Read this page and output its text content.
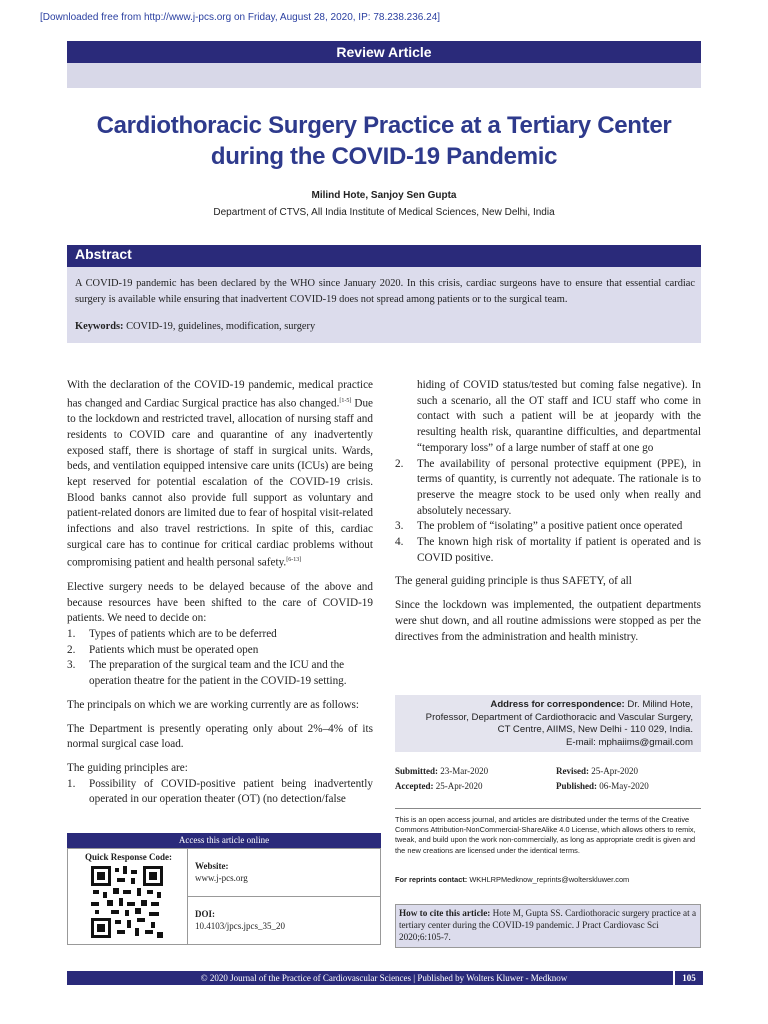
[Downloaded free from http://www.j-pcs.org on Friday, August 28, 2020, IP: 78.238.236.24]
Review Article
Cardiothoracic Surgery Practice at a Tertiary Center during the COVID-19 Pandemic
Milind Hote, Sanjoy Sen Gupta
Department of CTVS, All India Institute of Medical Sciences, New Delhi, India
Abstract
A COVID-19 pandemic has been declared by the WHO since January 2020. In this crisis, cardiac surgeons have to ensure that essential cardiac surgery is available while ensuring that inadvertent COVID-19 does not spread among patients or to the surgical team.
Keywords: COVID-19, guidelines, modification, surgery

With the declaration of the COVID-19 pandemic, medical practice has changed and Cardiac Surgical practice has also changed.[1-5] Due to the lockdown and restricted travel, allocation of nursing staff and residents to COVID care and quarantine of any inadvertently exposed staff, there is shortage of staff in surgical units. Wards, beds, and ventilation equipped intensive care units (ICUs) are being kept reserved for potential escalation of the COVID-19 crisis. Blood banks cannot also provide full support as voluntary and patient-related donors are limited due to fear of hospital visit-related infections and also travel restrictions. In spite of this, cardiac surgical care has to continue for critical cardiac problems without compromising patient and health personal safety.[6-13]

Elective surgery needs to be delayed because of the above and because resources have been shifted to the care of COVID-19 patients. We need to decide on:

1. Types of patients which are to be deferred
2. Patients which must be operated open
3. The preparation of the surgical team and the ICU and the operation theatre for the patient in the COVID-19 setting.

The principals on which we are working currently are as follows:

The Department is presently operating only about 2%–4% of its normal surgical case load.

The guiding principles are:

1. Possibility of COVID-positive patient being inadvertently operated in our operation theater (OT) (no detection/false
hiding of COVID status/tested but coming false negative). In such a scenario, all the OT staff and ICU staff who come in contact with such a patient will be at jeopardy with the resulting health risk, quarantine difficulties, and departmental “temporary loss” of a large number of staff at one go
2. The availability of personal protective equipment (PPE), in terms of quantity, is currently not adequate. The rationale is to preserve the meagre stock to be used only when really and absolutely necessary.
3. The problem of “isolating” a positive patient once operated
4. The known high risk of mortality if patient is operated and is COVID positive.

The general guiding principle is thus SAFETY, of all

Since the lockdown was implemented, the outpatient departments were shut down, and all routine admissions were stopped as per the directives from the administration and health ministry.

Address for correspondence: Dr. Milind Hote,
Professor, Department of Cardiothoracic and Vascular Surgery,
CT Centre, AIIMS, New Delhi - 110 029, India.
E-mail: mphaiims@gmail.com
Submitted: 23-Mar-2020	Revised: 25-Apr-2020
Accepted: 25-Apr-2020	Published: 06-May-2020
This is an open access journal, and articles are distributed under the terms of the Creative Commons Attribution-NonCommercial-ShareAlike 4.0 License, which allows others to remix, tweak, and build upon the work non-commercially, as long as appropriate credit is given and the new creations are licensed under the identical terms.
For reprints contact: WKHLRPMedknow_reprints@wolterskluwer.com
How to cite this article: Hote M, Gupta SS. Cardiothoracic surgery practice at a tertiary center during the COVID-19 pandemic. J Pract Cardiovasc Sci 2020;6:105-7.
Access this article online
Quick Response Code:
Website:
www.j-pcs.org
DOI:
10.4103/jpcs.jpcs_35_20
© 2020 Journal of the Practice of Cardiovascular Sciences | Published by Wolters Kluwer - Medknow	105
